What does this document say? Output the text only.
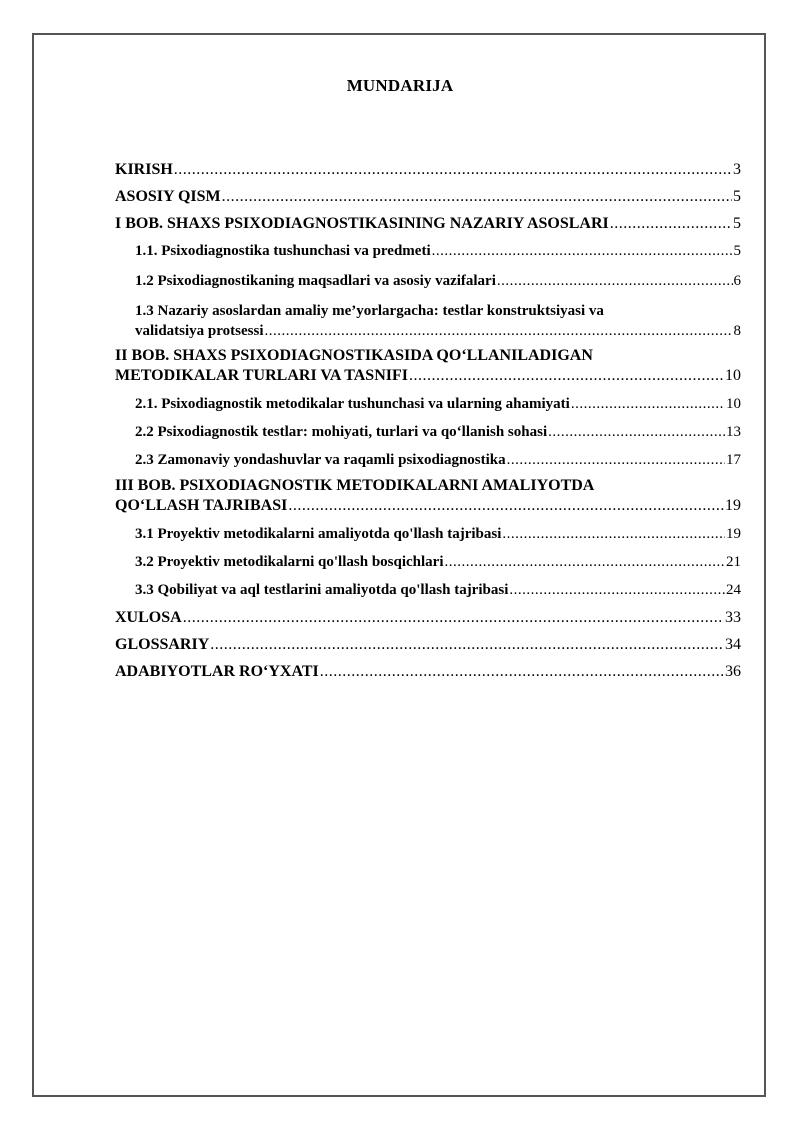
MUNDARIJA
KIRISH .....	3
ASOSIY QISM .....	5
I BOB. SHAXS PSIXODIAGNOSTIKASINING NAZARIY ASOSLARI .....	5
1.1. Psixodiagnostika tushunchasi va predmeti .....	5
1.2 Psixodiagnostikaning maqsadlari va asosiy vazifalari .....	6
1.3 Nazariy asoslardan amaliy me’yorlargacha: testlar konstruktsiyasi va
validatsiya protsessi .....	8
II BOB. SHAXS PSIXODIAGNOSTIKASIDA QO‘LLANILADIGAN
METODIKALAR TURLARI VA TASNIFI .....	10
2.1. Psixodiagnostik metodikalar tushunchasi va ularning ahamiyati .....	10
2.2 Psixodiagnostik testlar: mohiyati, turlari va qo‘llanish sohasi .....	13
2.3 Zamonaviy yondashuvlar va raqamli psixodiagnostika .....	17
III BOB. PSIXODIAGNOSTIK METODIKALARNI AMALIYOTDA
QO‘LLASH TAJRIBASI .....	19
3.1 Proyektiv metodikalarni amaliyotda qo'llash tajribasi .....	19
3.2 Proyektiv metodikalarni qo'llash bosqichlari .....	21
3.3 Qobiliyat va aql testlarini amaliyotda qo'llash tajribasi .....	24
XULOSA .....	33
GLOSSARIY .....	34
ADABIYOTLAR RO‘YXATI .....	36
